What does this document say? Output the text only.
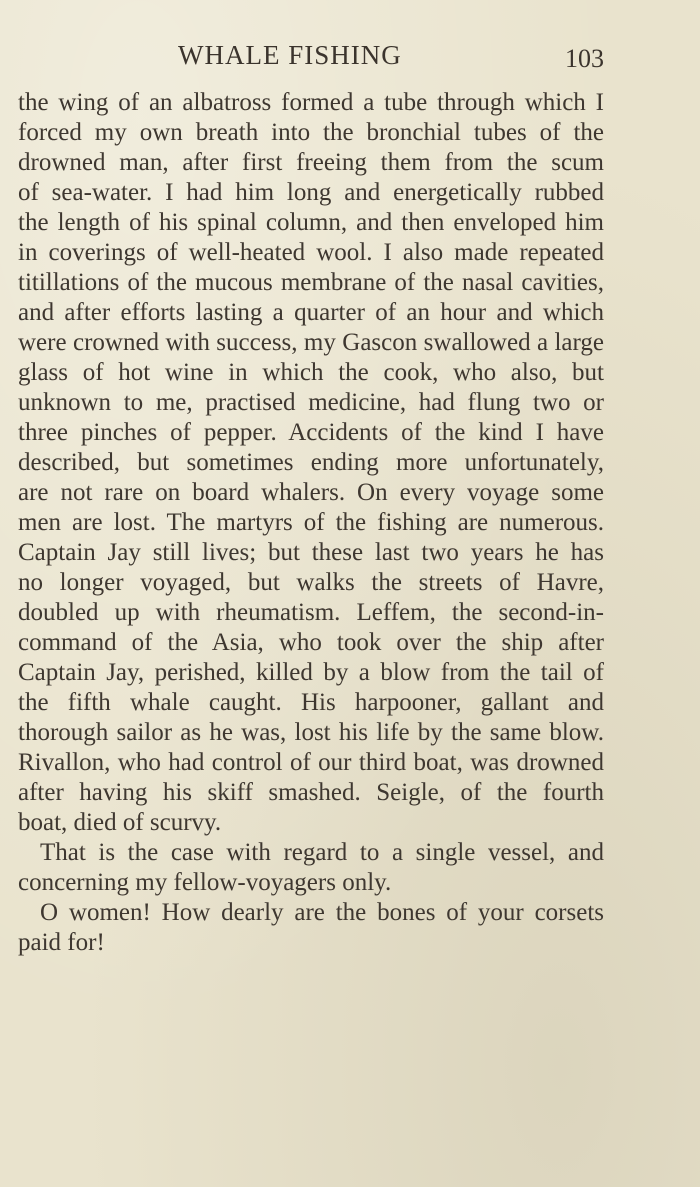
WHALE FISHING	103
the wing of an albatross formed a tube through which I
forced my own breath into the bronchial tubes of the
drowned man, after first freeing them from the scum
of sea-water. I had him long and energetically rubbed
the length of his spinal column, and then enveloped him
in coverings of well-heated wool. I also made repeated
titillations of the mucous membrane of the nasal cavities,
and after efforts lasting a quarter of an hour and which
were crowned with success, my Gascon swallowed a large
glass of hot wine in which the cook, who also, but
unknown to me, practised medicine, had flung two or
three pinches of pepper. Accidents of the kind I have
described, but sometimes ending more unfortunately,
are not rare on board whalers. On every voyage some
men are lost. The martyrs of the fishing are numerous.
Captain Jay still lives; but these last two years he has
no longer voyaged, but walks the streets of Havre,
doubled up with rheumatism. Leffem, the second-in-
command of the Asia, who took over the ship after
Captain Jay, perished, killed by a blow from the tail of
the fifth whale caught. His harpooner, gallant and
thorough sailor as he was, lost his life by the same blow.
Rivallon, who had control of our third boat, was drowned
after having his skiff smashed. Seigle, of the fourth
boat, died of scurvy.
That is the case with regard to a single vessel, and
concerning my fellow-voyagers only.
O women! How dearly are the bones of your corsets
paid for!
